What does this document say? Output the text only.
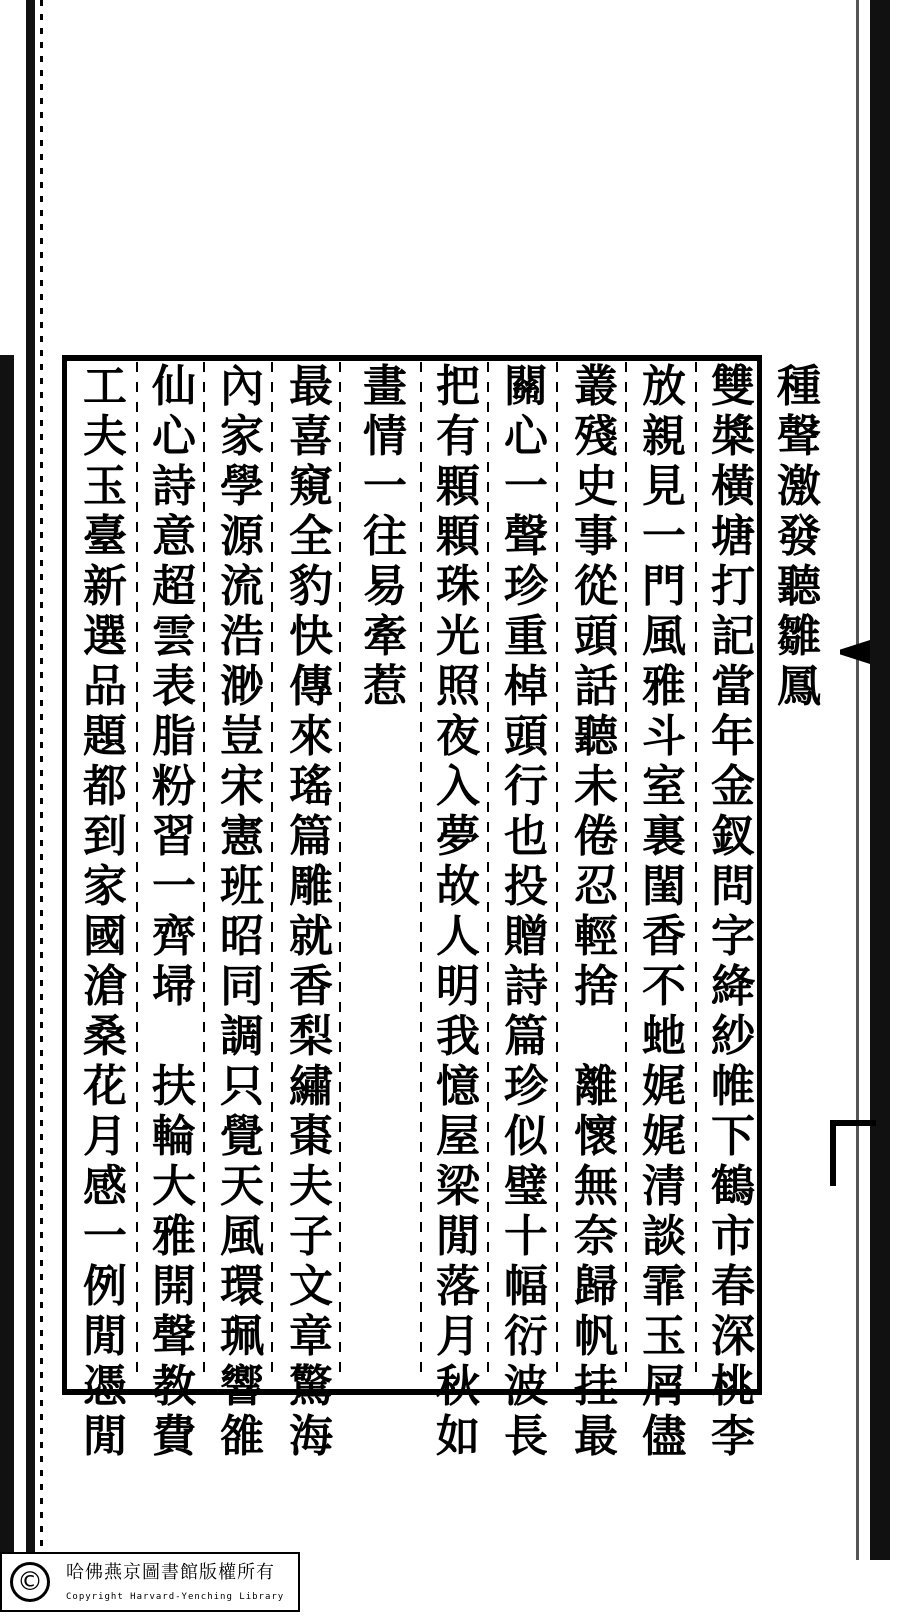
種
聲
激
發
聽
雛
鳳
雙
槳
橫
塘
打
記
當
年
金
釵
問
字
絳
紗
帷
下
鶴
市
春
深
桃
李
放
親
見
一
門
風
雅
斗
室
裏
閨
香
不
虵
娓
娓
清
談
霏
玉
屑
儘
叢
殘
史
事
從
頭
話
聽
未
倦
忍
輕
捨

離
懷
無
奈
歸
帆
挂
最
關
心
一
聲
珍
重
棹
頭
行
也
投
贈
詩
篇
珍
似
璧
十
幅
衍
波
長
把
有
顆
顆
珠
光
照
夜
入
夢
故
人
明
我
憶
屋
梁
閒
落
月
秋
如
畫
情
一
往
易
牽
惹
最
喜
窺
全
豹
快
傳
來
瑤
篇
雕
就
香
梨
繡
棗
夫
子
文
章
驚
海
內
家
學
源
流
浩
渺
豈
宋
憲
班
昭
同
調
只
覺
天
風
環
珮
響
雒
仙
心
詩
意
超
雲
表
脂
粉
習
一
齊
埽

扶
輪
大
雅
開
聲
教
費
工
夫
玉
臺
新
選
品
題
都
到
家
國
滄
桑
花
月
感
一
例
閒
憑
閒
©	哈佛燕京圖書館版權所有
Copyright Harvard-Yenching Library
